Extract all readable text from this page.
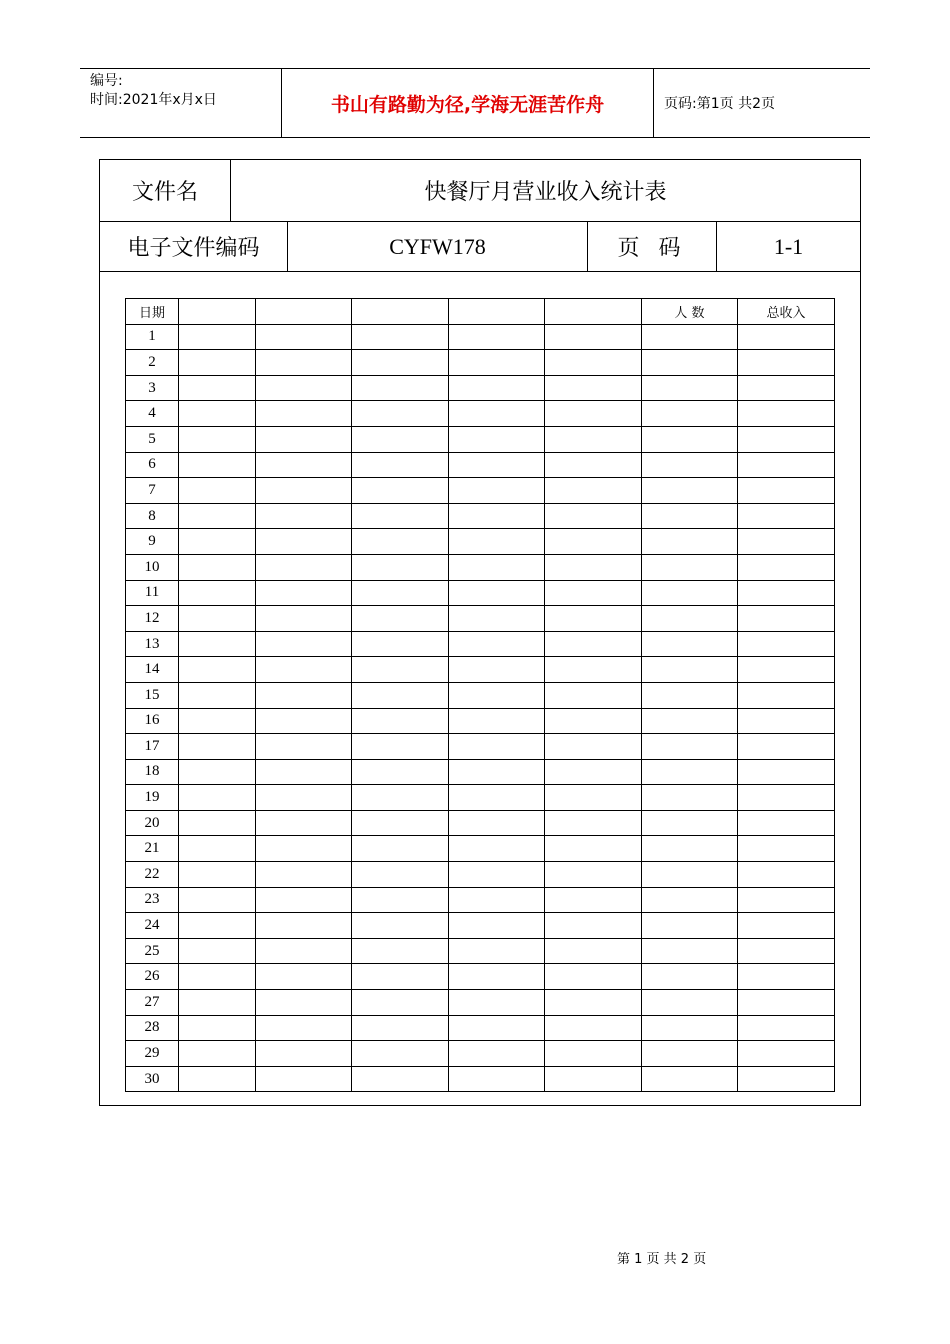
编号:
时间:2021年x月x日	书山有路勤为径,学海无涯苦作舟	页码:第1页 共2页
文件名	快餐厅月营业收入统计表
电子文件编码	CYFW178	页 码	1-1
日期						人 数	总收入
1							
2							
3							
4							
5							
6							
7							
8							
9							
10							
11							
12							
13							
14							
15							
16							
17							
18							
19							
20							
21							
22							
23							
24							
25							
26							
27							
28							
29							
30							
第 1 页 共 2 页
